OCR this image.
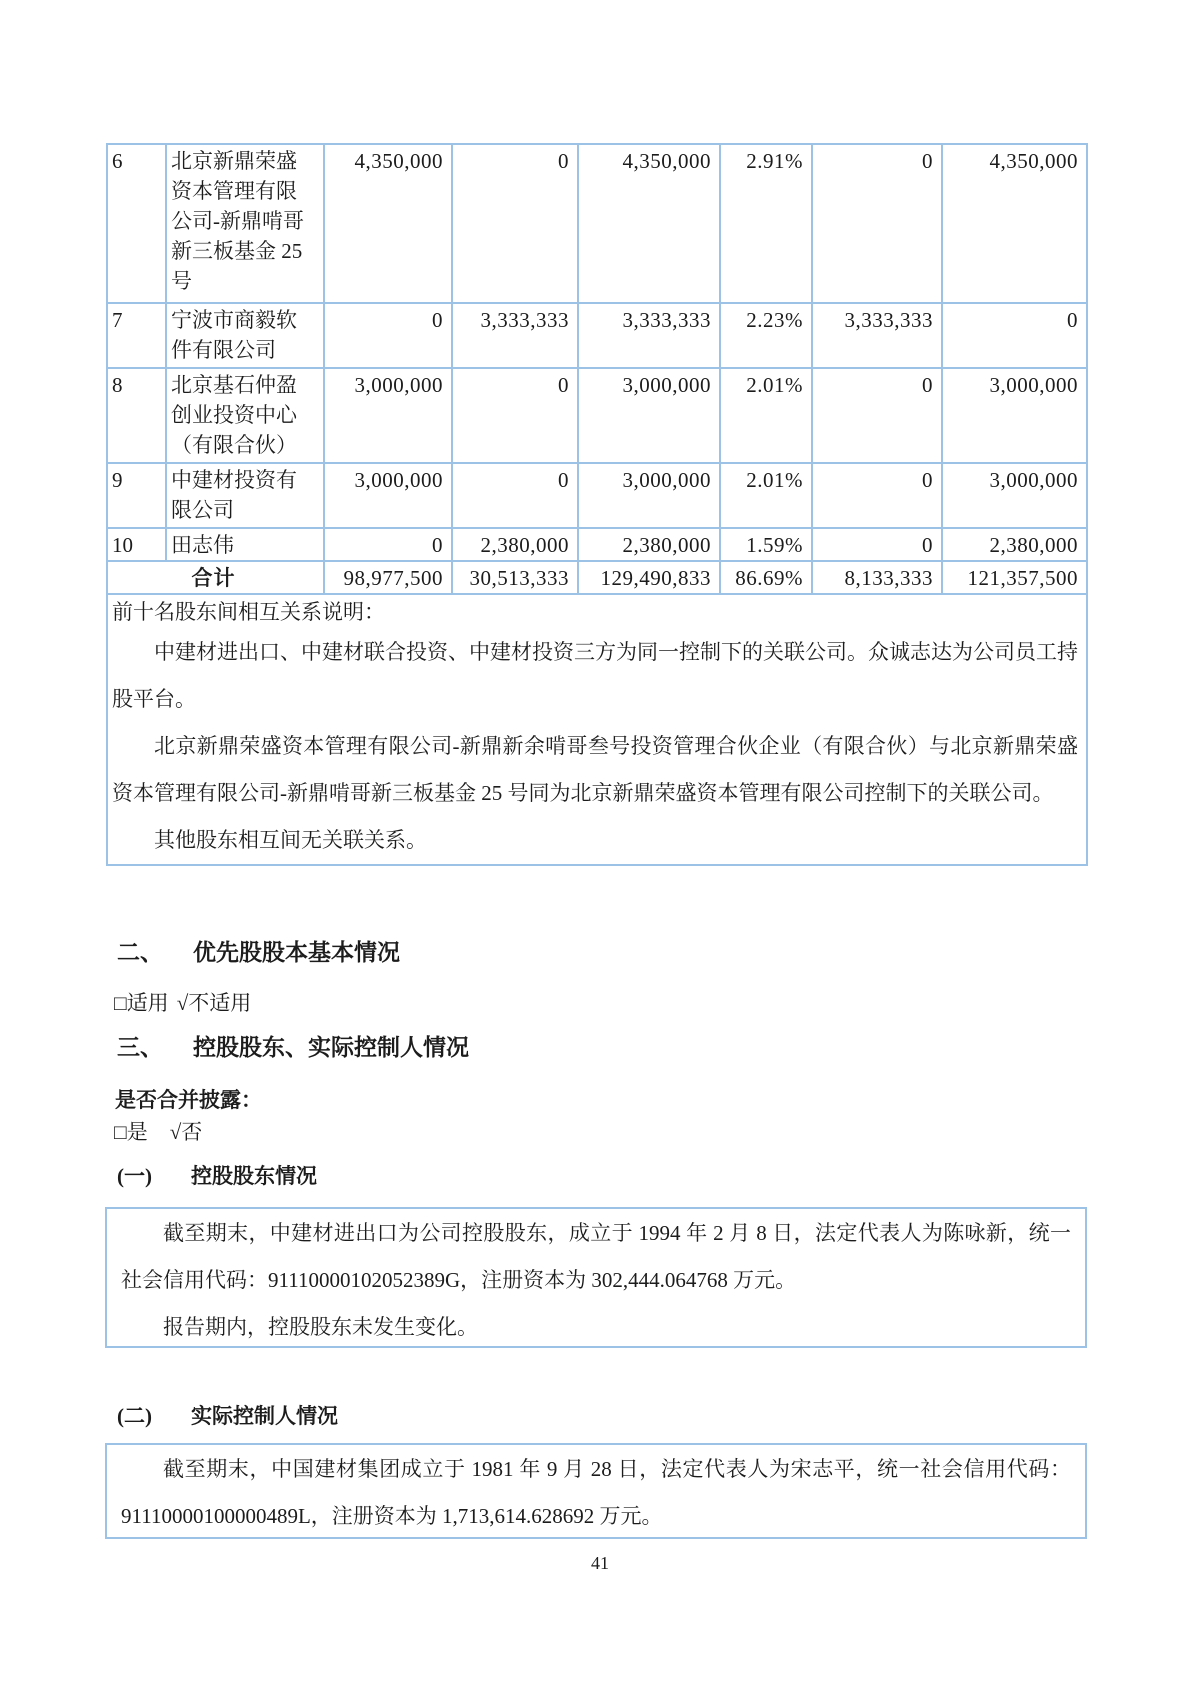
6	北京新鼎荣盛资本管理有限公司-新鼎啃哥新三板基金 25 号	4,350,000	0	4,350,000	2.91%	0	4,350,000
7	宁波市商毅软件有限公司	0	3,333,333	3,333,333	2.23%	3,333,333	0
8	北京基石仲盈创业投资中心（有限合伙）	3,000,000	0	3,000,000	2.01%	0	3,000,000
9	中建材投资有限公司	3,000,000	0	3,000,000	2.01%	0	3,000,000
10	田志伟	0	2,380,000	2,380,000	1.59%	0	2,380,000
合计		98,977,500	30,513,333	129,490,833	86.69%	8,133,333	121,357,500

前十名股东间相互关系说明：

中建材进出口、中建材联合投资、中建材投资三方为同一控制下的关联公司。众诚志达为公司员工持股平台。

北京新鼎荣盛资本管理有限公司-新鼎新余啃哥叁号投资管理合伙企业（有限合伙）与北京新鼎荣盛资本管理有限公司-新鼎啃哥新三板基金 25 号同为北京新鼎荣盛资本管理有限公司控制下的关联公司。

其他股东相互间无关联关系。							

二、 优先股股本基本情况
□适用 √不适用
三、 控股股东、实际控制人情况
是否合并披露：
□是 √否
(一) 控股股东情况

截至期末，中建材进出口为公司控股股东，成立于 1994 年 2 月 8 日，法定代表人为陈咏新，统一社会信用代码：91110000102052389G，注册资本为 302,444.064768 万元。

报告期内，控股股东未发生变化。

(二) 实际控制人情况

截至期末，中国建材集团成立于 1981 年 9 月 28 日，法定代表人为宋志平，统一社会信用代码：91110000100000489L，注册资本为 1,713,614.628692 万元。

41
